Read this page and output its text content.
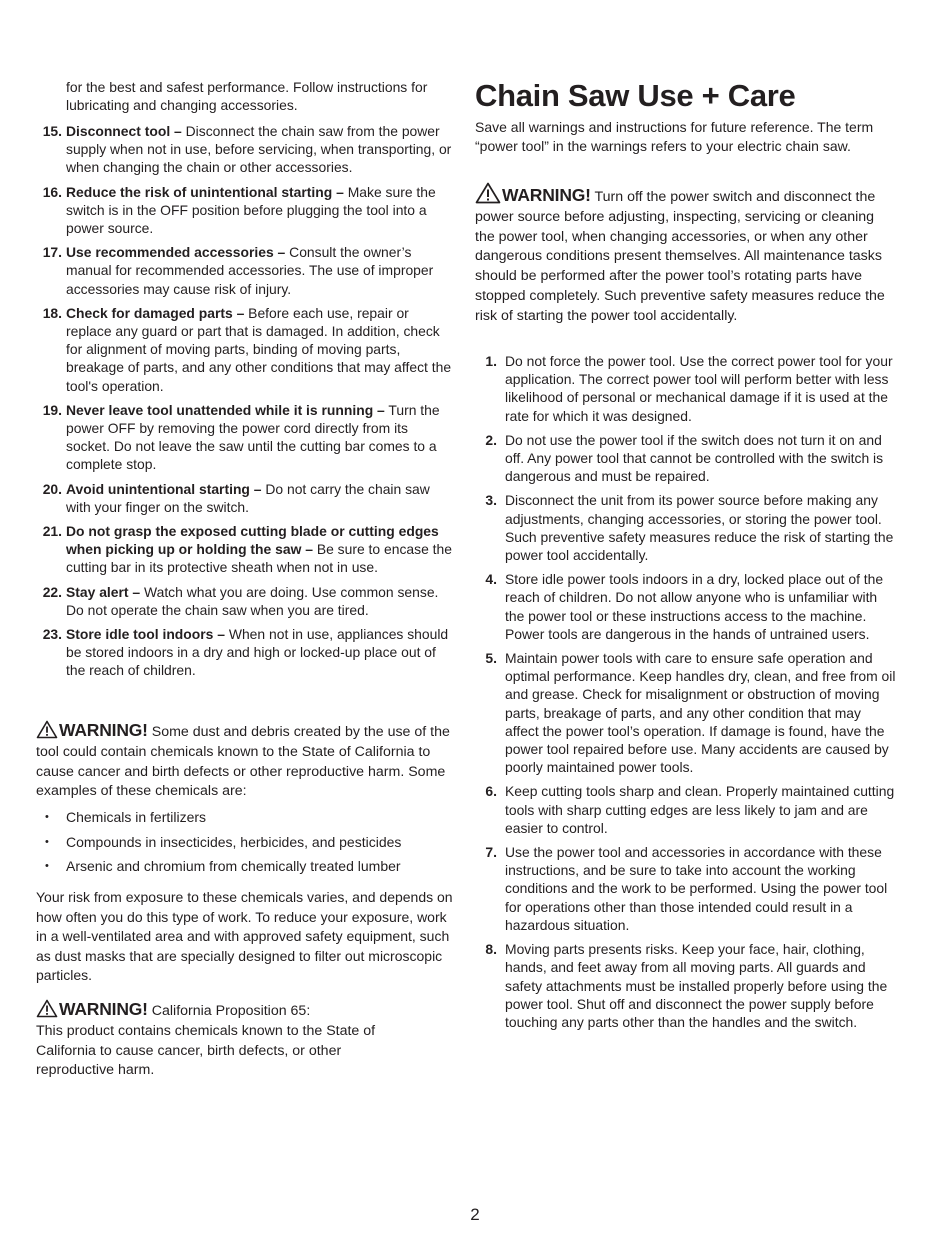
for the best and safest performance. Follow instructions for lubricating and changing accessories.
15. Disconnect tool – Disconnect the chain saw from the power supply when not in use, before servicing, when transporting, or when changing the chain or other accessories.
16. Reduce the risk of unintentional starting – Make sure the switch is in the OFF position before plugging the tool into a power source.
17. Use recommended accessories – Consult the owner’s manual for recommended accessories. The use of improper accessories may cause risk of injury.
18. Check for damaged parts – Before each use, repair or replace any guard or part that is damaged. In addition, check for alignment of moving parts, binding of moving parts, breakage of parts, and any other conditions that may affect the tool's operation.
19. Never leave tool unattended while it is running – Turn the power OFF by removing the power cord directly from its socket. Do not leave the saw until the cutting bar comes to a complete stop.
20. Avoid unintentional starting – Do not carry the chain saw with your finger on the switch.
21. Do not grasp the exposed cutting blade or cutting edges when picking up or holding the saw – Be sure to encase the cutting bar in its protective sheath when not in use.
22. Stay alert – Watch what you are doing. Use common sense. Do not operate the chain saw when you are tired.
23. Store idle tool indoors – When not in use, appliances should be stored indoors in a dry and high or locked-up place out of the reach of children.
WARNING! Some dust and debris created by the use of the tool could contain chemicals known to the State of California to cause cancer and birth defects or other reproductive harm. Some examples of these chemicals are:
• Chemicals in fertilizers
• Compounds in insecticides, herbicides, and pesticides
• Arsenic and chromium from chemically treated lumber
Your risk from exposure to these chemicals varies, and depends on how often you do this type of work. To reduce your exposure, work in a well-ventilated area and with approved safety equipment, such as dust masks that are specially designed to filter out microscopic particles.
WARNING! California Proposition 65:
This product contains chemicals known to the State of California to cause cancer, birth defects, or other reproductive harm.
Chain Saw Use + Care
Save all warnings and instructions for future reference. The term “power tool” in the warnings refers to your electric chain saw.
WARNING! Turn off the power switch and disconnect the power source before adjusting, inspecting, servicing or cleaning the power tool, when changing accessories, or when any other dangerous conditions present themselves. All maintenance tasks should be performed after the power tool’s rotating parts have stopped completely. Such preventive safety measures reduce the risk of starting the power tool accidentally.
1. Do not force the power tool. Use the correct power tool for your application. The correct power tool will perform better with less likelihood of personal or mechanical damage if it is used at the rate for which it was designed.
2. Do not use the power tool if the switch does not turn it on and off. Any power tool that cannot be controlled with the switch is dangerous and must be repaired.
3. Disconnect the unit from its power source before making any adjustments, changing accessories, or storing the power tool. Such preventive safety measures reduce the risk of starting the power tool accidentally.
4. Store idle power tools indoors in a dry, locked place out of the reach of children. Do not allow anyone who is unfamiliar with the power tool or these instructions access to the machine. Power tools are dangerous in the hands of untrained users.
5. Maintain power tools with care to ensure safe operation and optimal performance. Keep handles dry, clean, and free from oil and grease. Check for misalignment or obstruction of moving parts, breakage of parts, and any other condition that may affect the power tool’s operation. If damage is found, have the power tool repaired before use. Many accidents are caused by poorly maintained power tools.
6. Keep cutting tools sharp and clean. Properly maintained cutting tools with sharp cutting edges are less likely to jam and are easier to control.
7. Use the power tool and accessories in accordance with these instructions, and be sure to take into account the working conditions and the work to be performed. Using the power tool for operations other than those intended could result in a hazardous situation.
8. Moving parts presents risks. Keep your face, hair, clothing, hands, and feet away from all moving parts. All guards and safety attachments must be installed properly before using the power tool. Shut off and disconnect the power supply before touching any parts other than the handles and the switch.
2
